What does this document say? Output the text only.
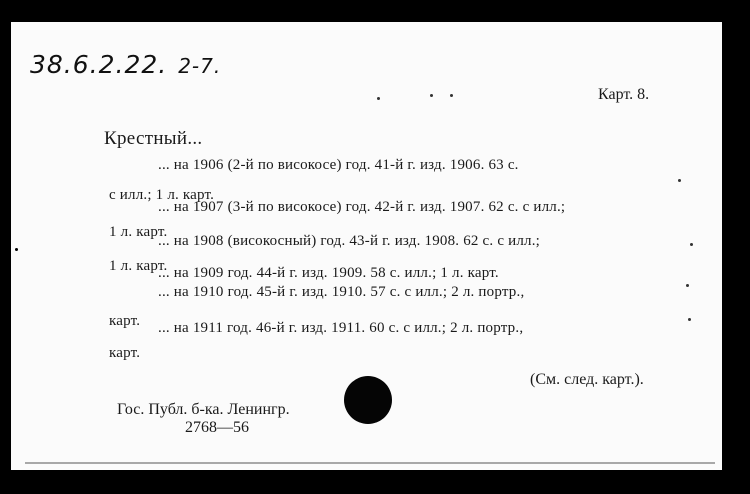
38.6.2.22. 2-7.
Карт. 8.
Крестный...
... на 1906 (2-й по високосе) год. 41-й г. изд. 1906. 63 с.
с илл.; 1 л. карт.
... на 1907 (3-й по високосе) год. 42-й г. изд. 1907. 62 с. с илл.;
1 л. карт.
... на 1908 (високосный) год. 43-й г. изд. 1908. 62 с. с илл.;
1 л. карт.
... на 1909 год. 44-й г. изд. 1909. 58 с. илл.; 1 л. карт.
... на 1910 год. 45-й г. изд. 1910. 57 с. с илл.; 2 л. портр.,
карт. ... на 1911 год. 46-й г. изд. 1911. 60 с. с илл.; 2 л. портр.,
карт.
(См. след. карт.).
Гос. Публ. б-ка. Ленингр.
2768—56
